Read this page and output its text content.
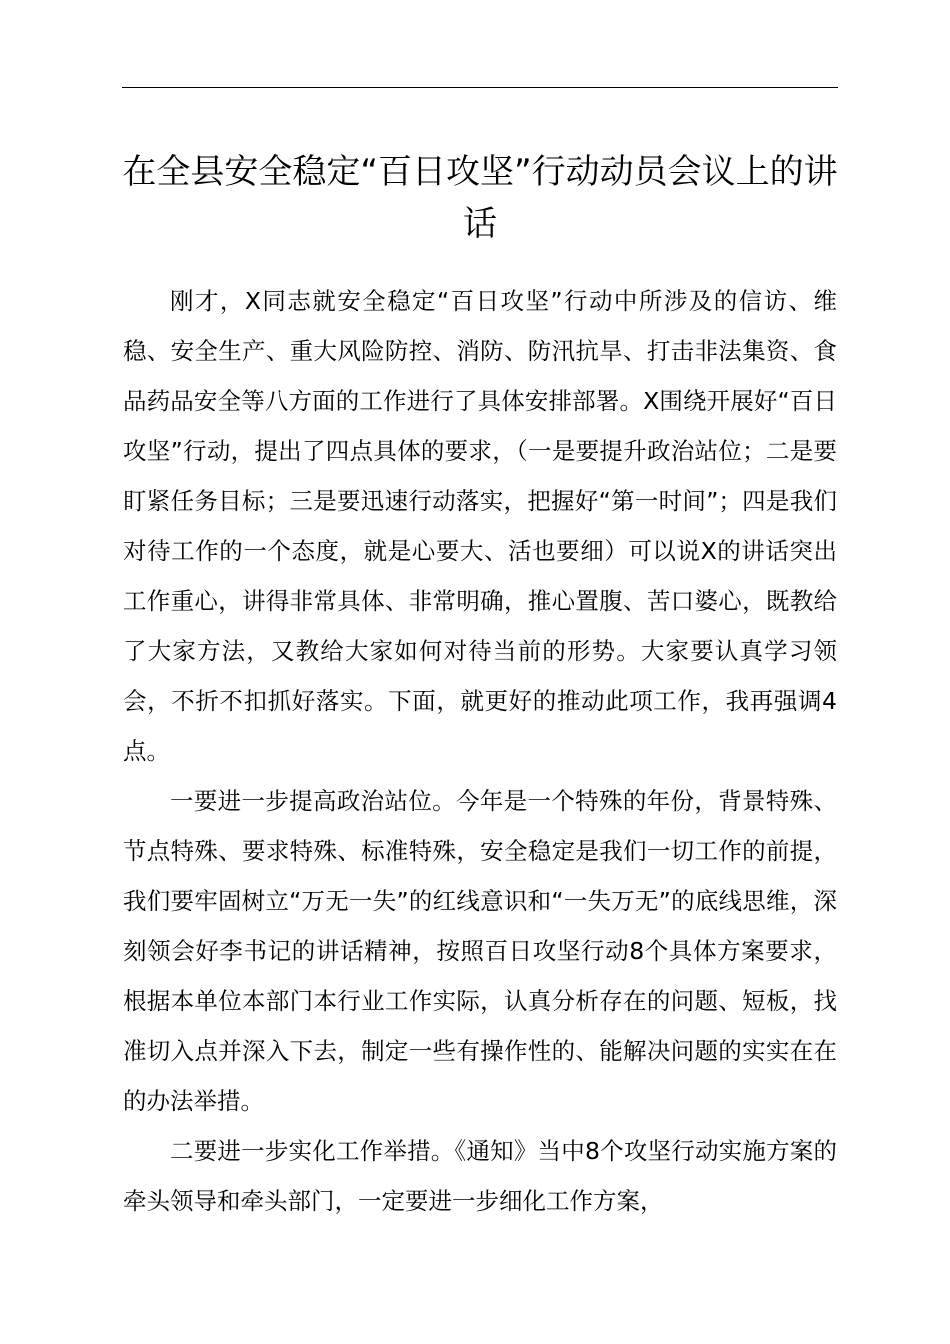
在全县安全稳定“百日攻坚”行动动员会议上的讲话

刚才，X同志就安全稳定“百日攻坚”行动中所涉及的信访、维稳、安全生产、重大风险防控、消防、防汛抗旱、打击非法集资、食品药品安全等八方面的工作进行了具体安排部署。X围绕开展好“百日攻坚”行动，提出了四点具体的要求，（一是要提升政治站位；二是要盯紧任务目标；三是要迅速行动落实，把握好“第一时间”；四是我们对待工作的一个态度，就是心要大、活也要细）可以说X的讲话突出工作重心，讲得非常具体、非常明确，推心置腹、苦口婆心，既教给了大家方法，又教给大家如何对待当前的形势。大家要认真学习领会，不折不扣抓好落实。下面，就更好的推动此项工作，我再强调4点。

一要进一步提高政治站位。今年是一个特殊的年份，背景特殊、节点特殊、要求特殊、标准特殊，安全稳定是我们一切工作的前提，我们要牢固树立“万无一失”的红线意识和“一失万无”的底线思维，深刻领会好李书记的讲话精神，按照百日攻坚行动8个具体方案要求，根据本单位本部门本行业工作实际，认真分析存在的问题、短板，找准切入点并深入下去，制定一些有操作性的、能解决问题的实实在在的办法举措。

二要进一步实化工作举措。《通知》当中8个攻坚行动实施方案的牵头领导和牵头部门，一定要进一步细化工作方案，
